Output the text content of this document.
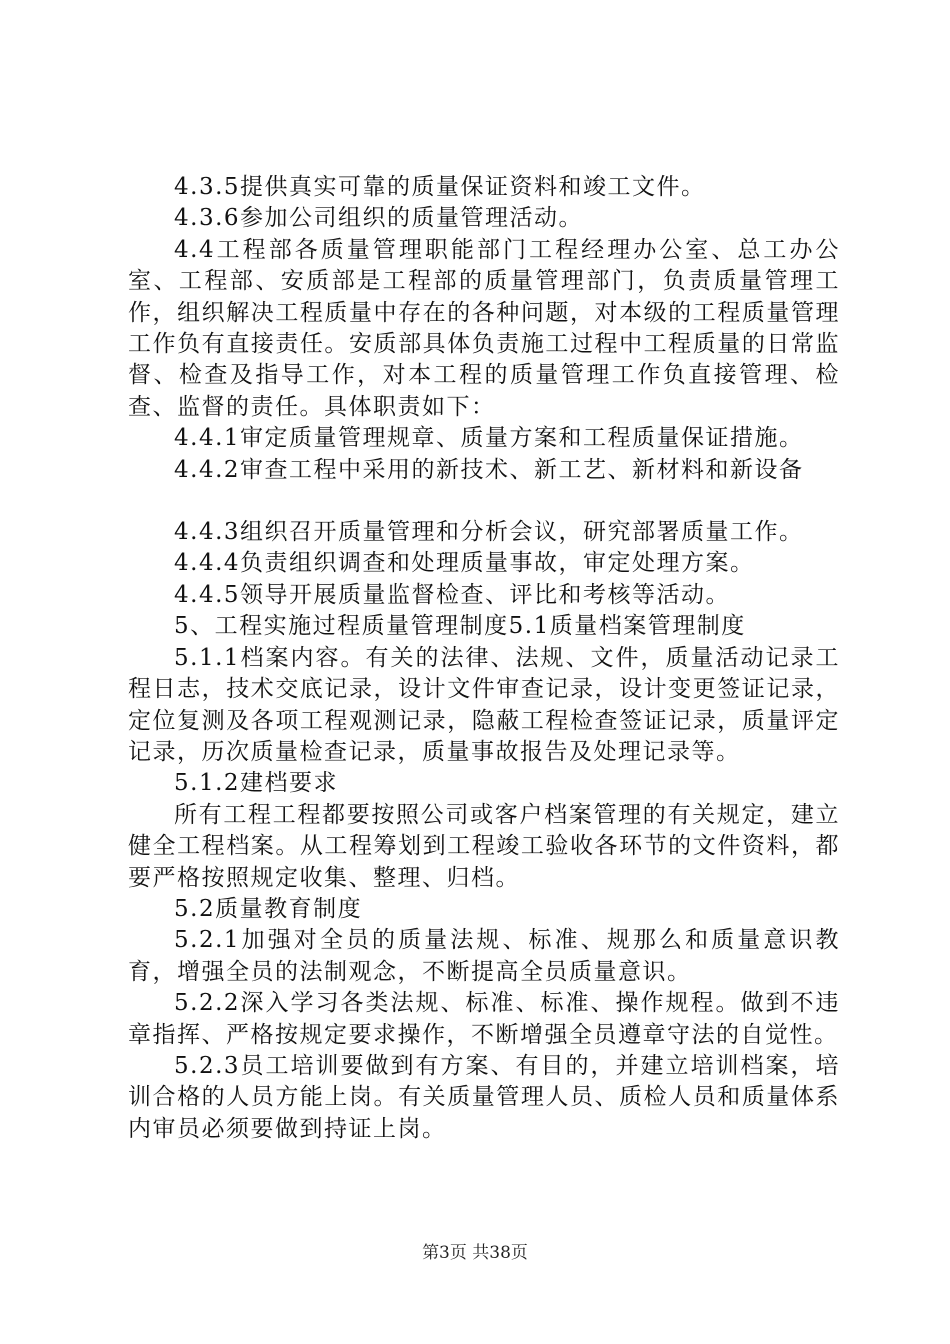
4.3.5提供真实可靠的质量保证资料和竣工文件。

4.3.6参加公司组织的质量管理活动。

4.4工程部各质量管理职能部门工程经理办公室、总工办公室、工程部、安质部是工程部的质量管理部门，负责质量管理工作，组织解决工程质量中存在的各种问题，对本级的工程质量管理工作负有直接责任。安质部具体负责施工过程中工程质量的日常监督、检查及指导工作，对本工程的质量管理工作负直接管理、检查、监督的责任。具体职责如下：

4.4.1审定质量管理规章、质量方案和工程质量保证措施。

4.4.2审查工程中采用的新技术、新工艺、新材料和新设备

4.4.3组织召开质量管理和分析会议，研究部署质量工作。

4.4.4负责组织调查和处理质量事故，审定处理方案。

4.4.5领导开展质量监督检查、评比和考核等活动。

5、工程实施过程质量管理制度5.1质量档案管理制度

5.1.1档案内容。有关的法律、法规、文件，质量活动记录工程日志，技术交底记录，设计文件审查记录，设计变更签证记录，定位复测及各项工程观测记录，隐蔽工程检查签证记录，质量评定记录，历次质量检查记录，质量事故报告及处理记录等。

5.1.2建档要求

所有工程工程都要按照公司或客户档案管理的有关规定，建立健全工程档案。从工程筹划到工程竣工验收各环节的文件资料，都要严格按照规定收集、整理、归档。

5.2质量教育制度

5.2.1加强对全员的质量法规、标准、规那么和质量意识教育，增强全员的法制观念，不断提高全员质量意识。

5.2.2深入学习各类法规、标准、标准、操作规程。做到不违章指挥、严格按规定要求操作，不断增强全员遵章守法的自觉性。

5.2.3员工培训要做到有方案、有目的，并建立培训档案，培训合格的人员方能上岗。有关质量管理人员、质检人员和质量体系内审员必须要做到持证上岗。

第3页 共38页
